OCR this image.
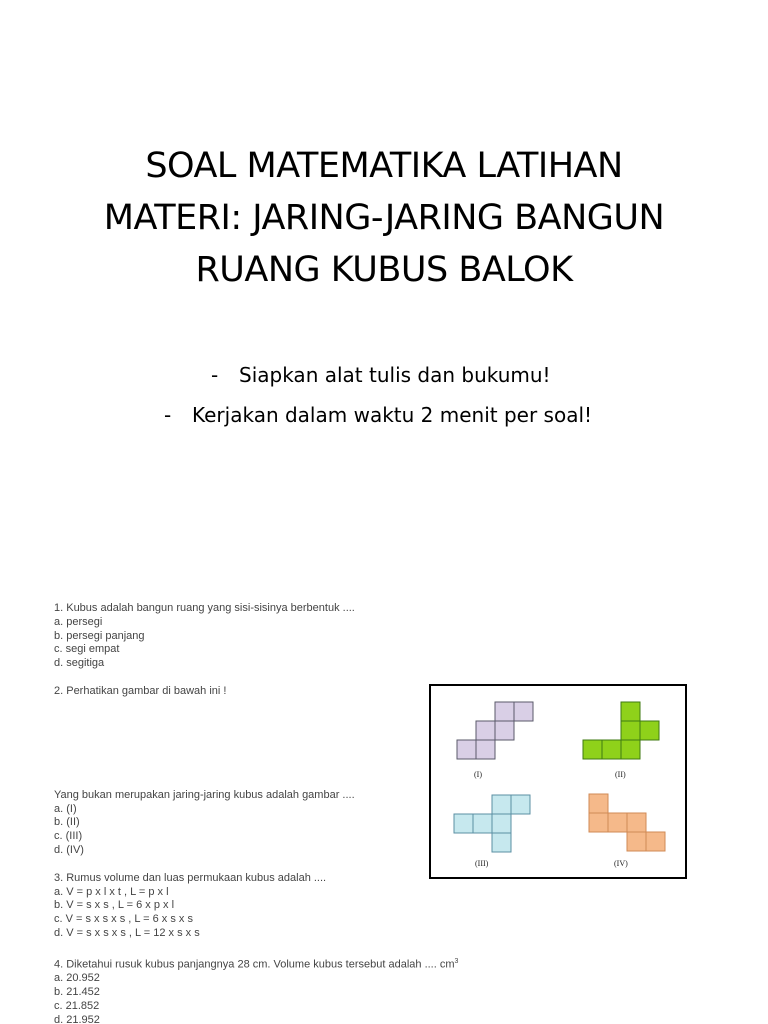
SOAL MATEMATIKA LATIHAN
MATERI: JARING-JARING BANGUN
RUANG KUBUS BALOK
- Siapkan alat tulis dan bukumu!
- Kerjakan dalam waktu 2 menit per soal!
1. Kubus adalah bangun ruang yang sisi-sisinya berbentuk ....
a. persegi
b. persegi panjang
c. segi empat
d. segitiga
2. Perhatikan gambar di bawah ini !
Yang bukan merupakan jaring-jaring kubus adalah gambar ....
a. (I)
b. (II)
c. (III)
d. (IV)
3. Rumus volume dan luas permukaan kubus adalah ....
a. V = p x l x t , L = p x l
b. V = s x s , L = 6 x p x l
c. V = s x s x s , L = 6 x s x s
d. V = s x s x s , L = 12 x s x s
4. Diketahui rusuk kubus panjangnya 28 cm. Volume kubus tersebut adalah .... $cm^3$
a. 20.952
b. 21.452
c. 21.852
d. 21.952
(I)	(II)
(III)	(IV)
